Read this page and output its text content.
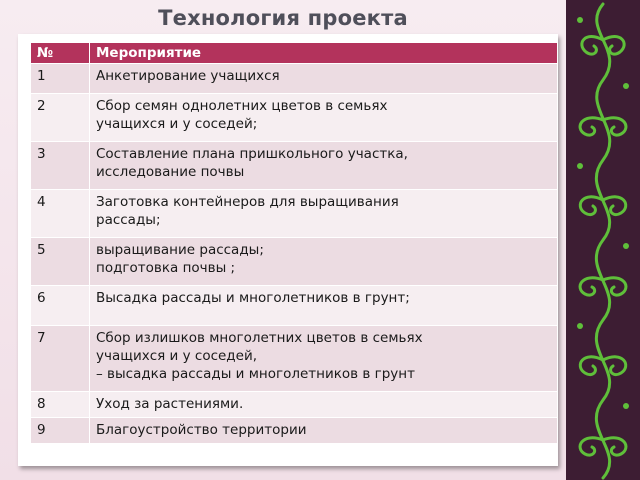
Технология проекта
№	Мероприятие
1	Анкетирование учащихся
2	Сбор семян однолетних цветов в семьях
учащихся и у соседей;
3	Составление плана пришкольного участка,
исследование почвы
4	Заготовка контейнеров для выращивания
рассады;
5	выращивание рассады;
подготовка почвы ;
6	Высадка рассады и многолетников в грунт;
7	Сбор излишков многолетних цветов в семьях
учащихся и у соседей,
– высадка рассады и многолетников в грунт
8	Уход за растениями.
9	Благоустройство территории
